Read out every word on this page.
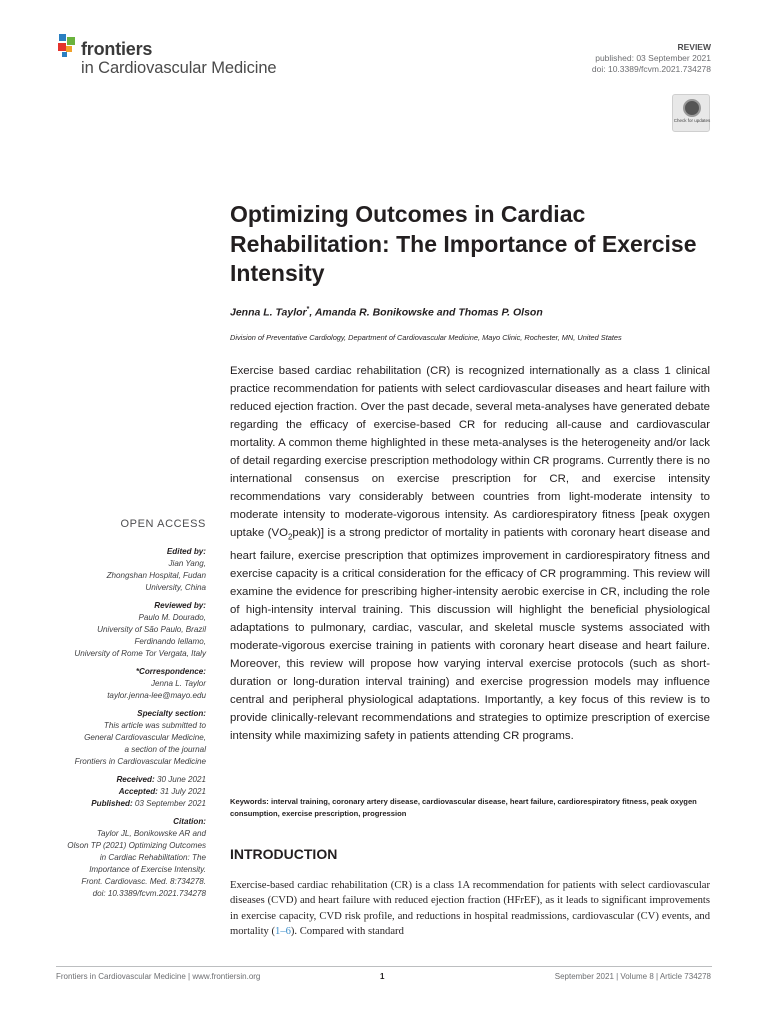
frontiers
in Cardiovascular Medicine
REVIEW
published: 03 September 2021
doi: 10.3389/fcvm.2021.734278
Check for updates
Optimizing Outcomes in Cardiac Rehabilitation: The Importance of Exercise Intensity
Jenna L. Taylor*, Amanda R. Bonikowske and Thomas P. Olson
Division of Preventative Cardiology, Department of Cardiovascular Medicine, Mayo Clinic, Rochester, MN, United States

Exercise based cardiac rehabilitation (CR) is recognized internationally as a class 1 clinical practice recommendation for patients with select cardiovascular diseases and heart failure with reduced ejection fraction. Over the past decade, several meta-analyses have generated debate regarding the efficacy of exercise-based CR for reducing all-cause and cardiovascular mortality. A common theme highlighted in these meta-analyses is the heterogeneity and/or lack of detail regarding exercise prescription methodology within CR programs. Currently there is no international consensus on exercise prescription for CR, and exercise intensity recommendations vary considerably between countries from light-moderate intensity to moderate intensity to moderate-vigorous intensity. As cardiorespiratory fitness [peak oxygen uptake $(VO_2peak)$] is a strong predictor of mortality in patients with coronary heart disease and heart failure, exercise prescription that optimizes improvement in cardiorespiratory fitness and exercise capacity is a critical consideration for the efficacy of CR programming. This review will examine the evidence for prescribing higher-intensity aerobic exercise in CR, including the role of high-intensity interval training. This discussion will highlight the beneficial physiological adaptations to pulmonary, cardiac, vascular, and skeletal muscle systems associated with moderate-vigorous exercise training in patients with coronary heart disease and heart failure. Moreover, this review will propose how varying interval exercise protocols (such as short-duration or long-duration interval training) and exercise progression models may influence central and peripheral physiological adaptations. Importantly, a key focus of this review is to provide clinically-relevant recommendations and strategies to optimize prescription of exercise intensity while maximizing safety in patients attending CR programs.

Keywords: interval training, coronary artery disease, cardiovascular disease, heart failure, cardiorespiratory fitness, peak oxygen consumption, exercise prescription, progression
INTRODUCTION

Exercise-based cardiac rehabilitation (CR) is a class 1A recommendation for patients with select cardiovascular diseases (CVD) and heart failure with reduced ejection fraction (HFrEF), as it leads to significant improvements in exercise capacity, CVD risk profile, and reductions in hospital readmissions, cardiovascular (CV) events, and mortality (1–6). Compared with standard

OPEN ACCESS
Edited by:
Jian Yang,
Zhongshan Hospital, Fudan
University, China
Reviewed by:
Paulo M. Dourado,
University of São Paulo, Brazil
Ferdinando Iellamo,
University of Rome Tor Vergata, Italy
*Correspondence:
Jenna L. Taylor
taylor.jenna-lee@mayo.edu
Specialty section:
This article was submitted to
General Cardiovascular Medicine,
a section of the journal
Frontiers in Cardiovascular Medicine
Received: 30 June 2021
Accepted: 31 July 2021
Published: 03 September 2021
Citation:
Taylor JL, Bonikowske AR and
Olson TP (2021) Optimizing Outcomes
in Cardiac Rehabilitation: The
Importance of Exercise Intensity.
Front. Cardiovasc. Med. 8:734278.
doi: 10.3389/fcvm.2021.734278
Frontiers in Cardiovascular Medicine | www.frontiersin.org	1	September 2021 | Volume 8 | Article 734278
